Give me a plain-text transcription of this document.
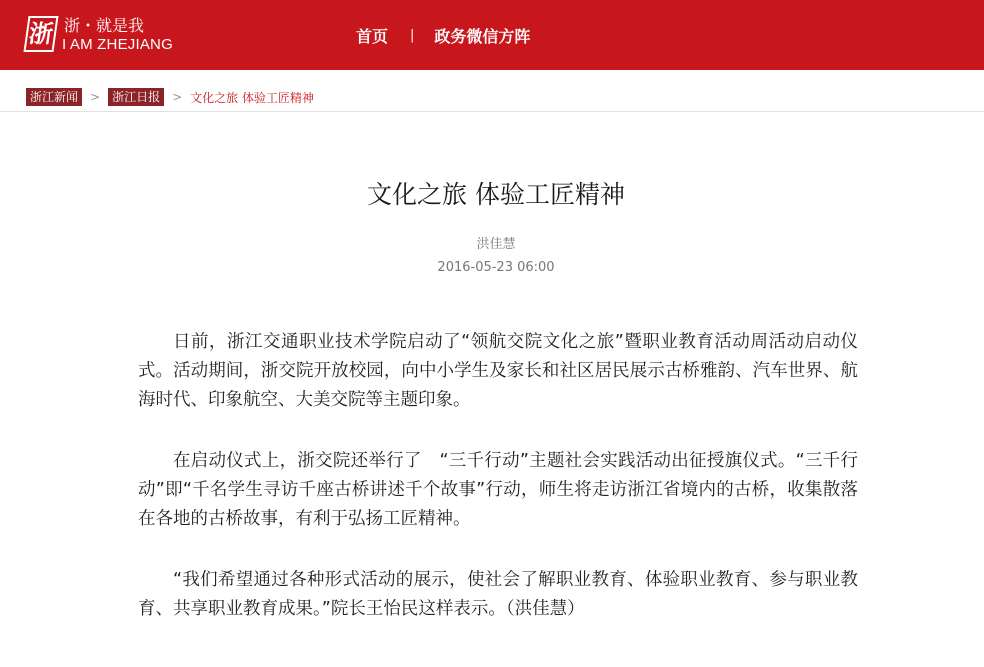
浙 浙・就是我
I AM ZHEJIANG	首页 | 政务微信方阵
浙江新闻	>	浙江日报	> 文化之旅 体验工匠精神
文化之旅 体验工匠精神
洪佳慧
2016-05-23 06:00

日前，浙江交通职业技术学院启动了“领航交院文化之旅”暨职业教育活动周活动启动仪式。活动期间，浙交院开放校园，向中小学生及家长和社区居民展示古桥雅韵、汽车世界、航海时代、印象航空、大美交院等主题印象。

在启动仪式上，浙交院还举行了　“三千行动”主题社会实践活动出征授旗仪式。“三千行动”即“千名学生寻访千座古桥讲述千个故事”行动，师生将走访浙江省境内的古桥，收集散落在各地的古桥故事，有利于弘扬工匠精神。

“我们希望通过各种形式活动的展示，使社会了解职业教育、体验职业教育、参与职业教育、共享职业教育成果。”院长王怡民这样表示。（洪佳慧）
